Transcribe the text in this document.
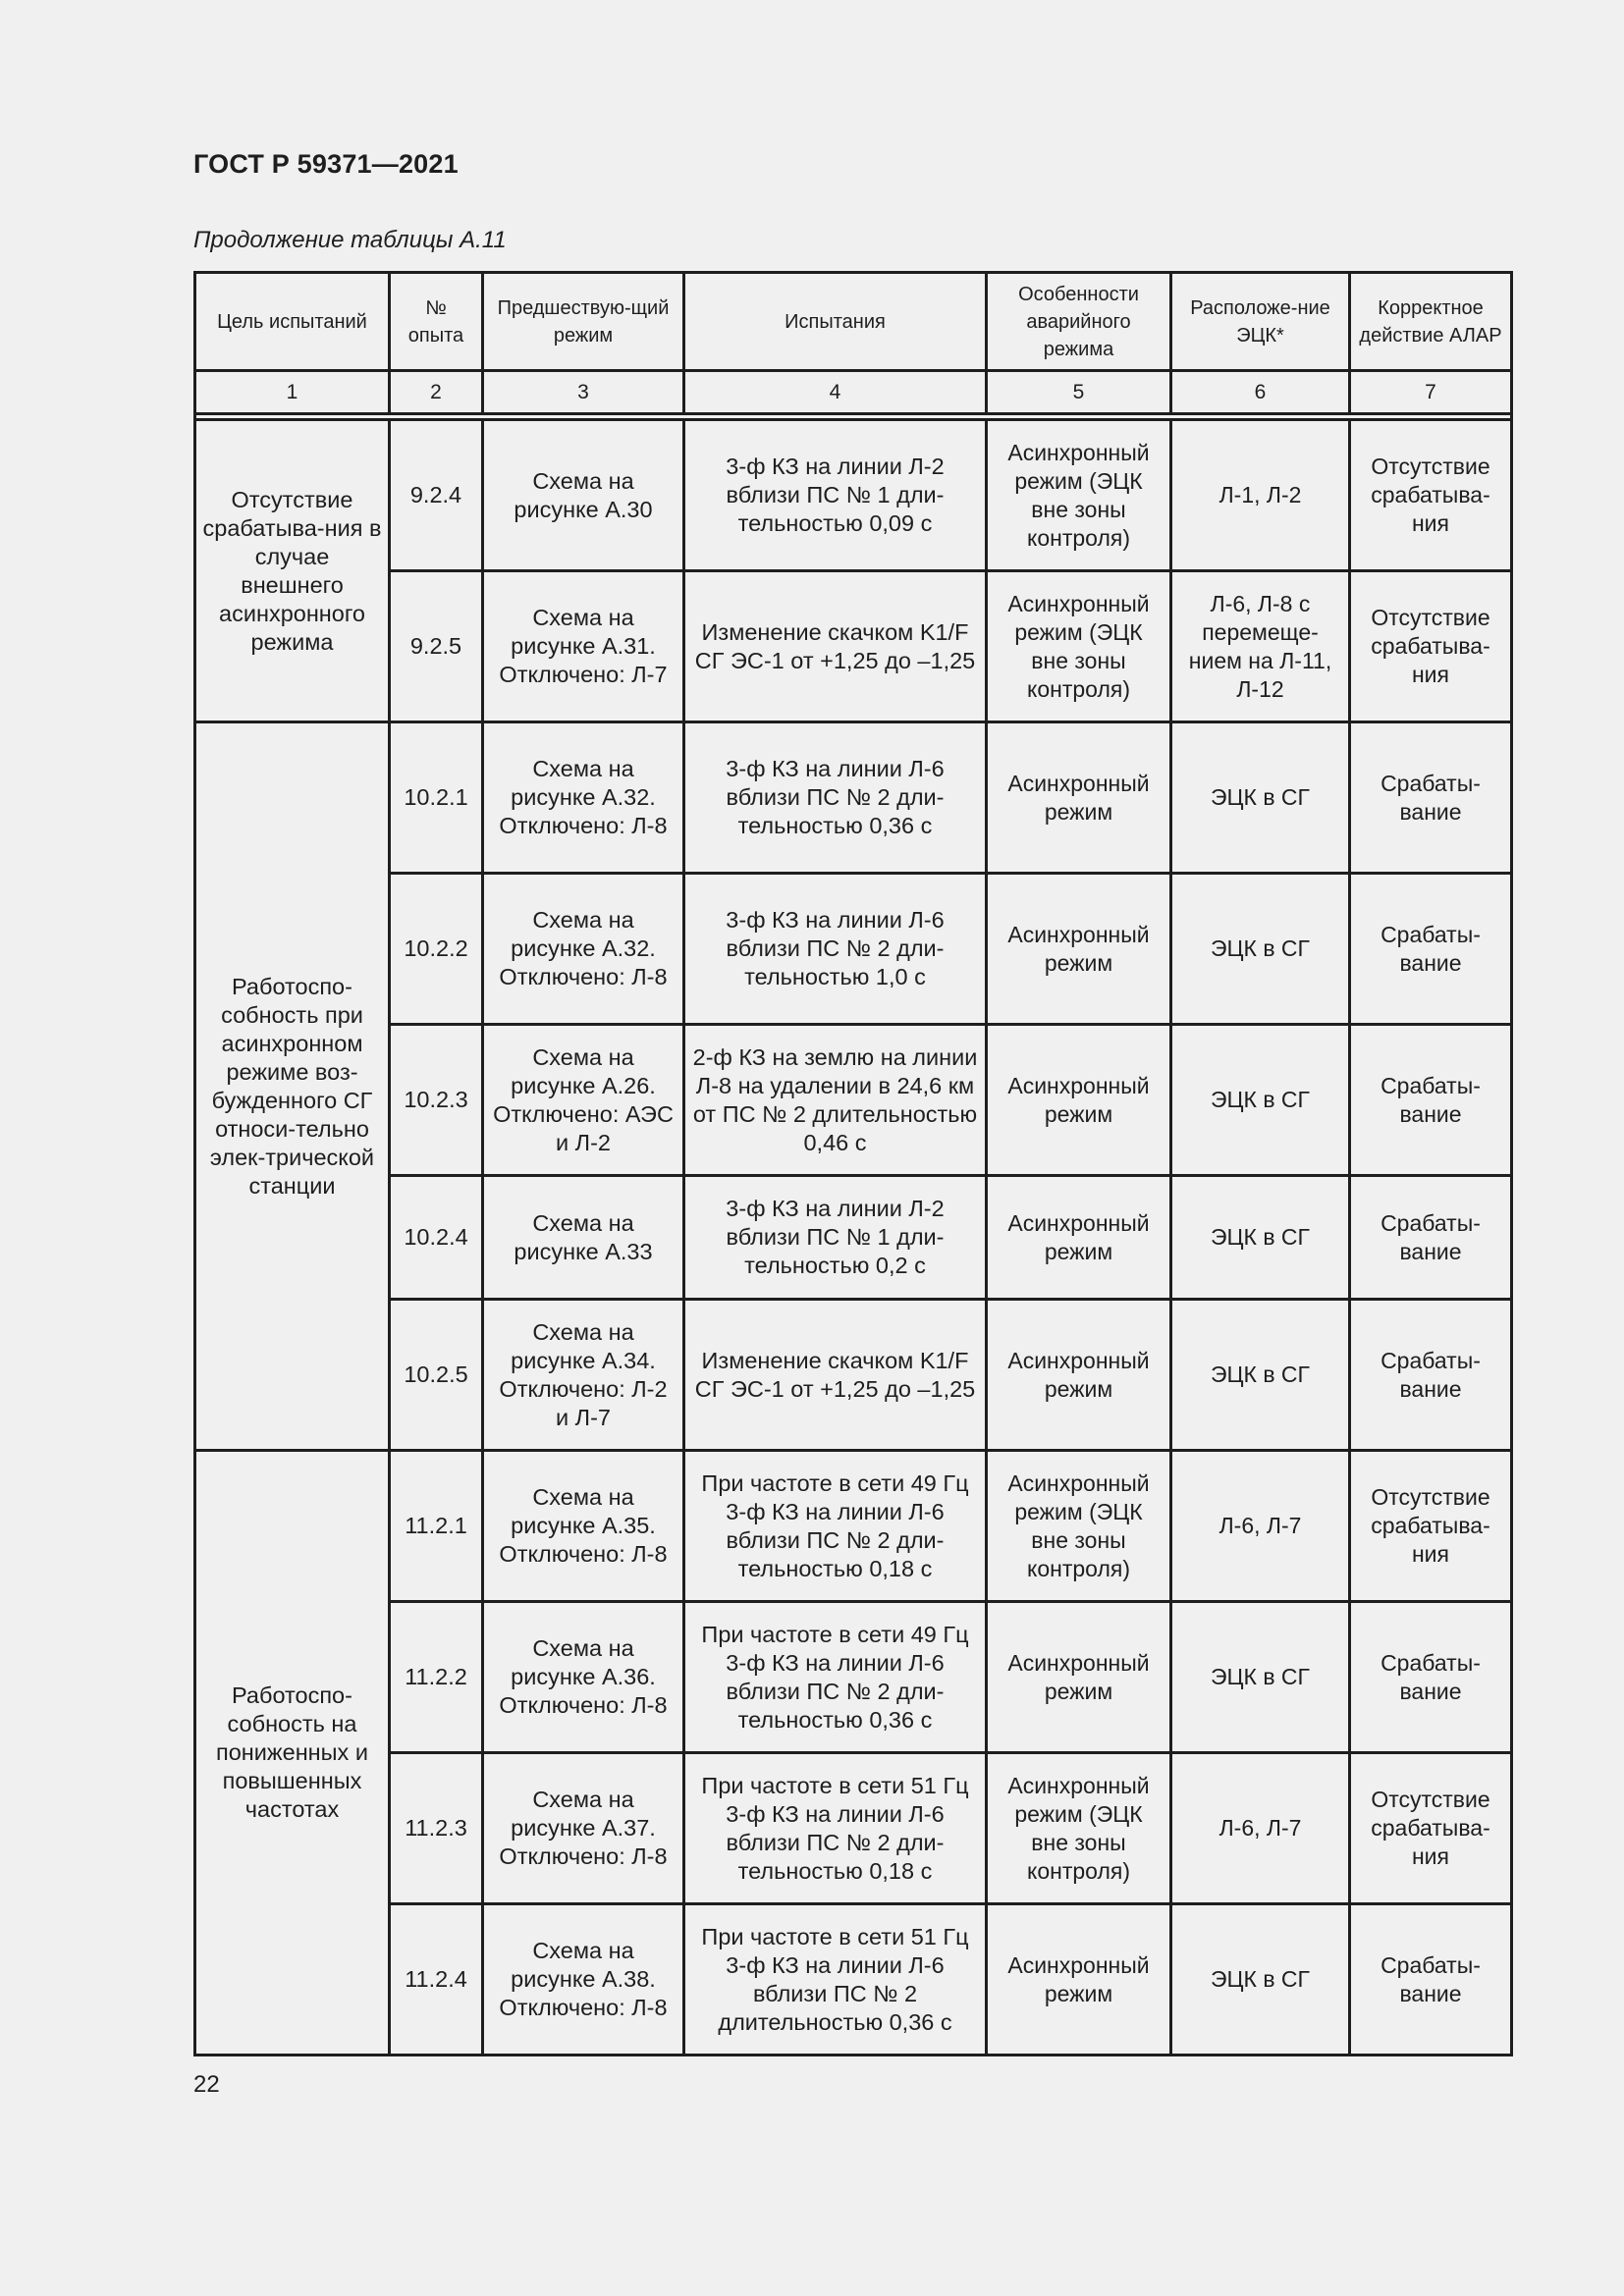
ГОСТ Р 59371—2021
Продолжение таблицы А.11
Цель испытаний	№ опыта	Предшествую-щий режим	Испытания	Особенности аварийного режима	Расположе-ние ЭЦК*	Корректное действие АЛАР
1	2	3	4	5	6	7

Отсутствие срабатыва-ния в случае внешнего асинхронного режима	9.2.4	Схема на рисунке А.30	3-ф КЗ на линии Л-2 вблизи ПС № 1 дли-тельностью 0,09 с	Асинхронный режим (ЭЦК вне зоны контроля)	Л-1, Л-2	Отсутствие срабатыва-ния
	9.2.5	Схема на рисунке А.31. Отключено: Л-7	Изменение скачком K1/F СГ ЭС-1 от +1,25 до –1,25	Асинхронный режим (ЭЦК вне зоны контроля)	Л-6, Л-8 с перемеще-нием на Л-11, Л-12	Отсутствие срабатыва-ния
Работоспо-собность при асинхронном режиме воз-бужденного СГ относи-тельно элек-трической станции	10.2.1	Схема на рисунке А.32. Отключено: Л-8	3-ф КЗ на линии Л-6 вблизи ПС № 2 дли-тельностью 0,36 с	Асинхронный режим	ЭЦК в СГ	Срабаты-вание
	10.2.2	Схема на рисунке А.32. Отключено: Л-8	3-ф КЗ на линии Л-6 вблизи ПС № 2 дли-тельностью 1,0 с	Асинхронный режим	ЭЦК в СГ	Срабаты-вание
	10.2.3	Схема на рисунке А.26. Отключено: АЭС и Л-2	2-ф КЗ на землю на линии Л-8 на удалении в 24,6 км от ПС № 2 длительностью 0,46 с	Асинхронный режим	ЭЦК в СГ	Срабаты-вание
	10.2.4	Схема на рисунке А.33	3-ф КЗ на линии Л-2 вблизи ПС № 1 дли-тельностью 0,2 с	Асинхронный режим	ЭЦК в СГ	Срабаты-вание
	10.2.5	Схема на рисунке А.34. Отключено: Л-2 и Л-7	Изменение скачком K1/F СГ ЭС-1 от +1,25 до –1,25	Асинхронный режим	ЭЦК в СГ	Срабаты-вание
Работоспо-собность на пониженных и повышенных частотах	11.2.1	Схема на рисунке А.35. Отключено: Л-8	При частоте в сети 49 Гц 3-ф КЗ на линии Л-6 вблизи ПС № 2 дли-тельностью 0,18 с	Асинхронный режим (ЭЦК вне зоны контроля)	Л-6, Л-7	Отсутствие срабатыва-ния
	11.2.2	Схема на рисунке А.36. Отключено: Л-8	При частоте в сети 49 Гц 3-ф КЗ на линии Л-6 вблизи ПС № 2 дли-тельностью 0,36 с	Асинхронный режим	ЭЦК в СГ	Срабаты-вание
	11.2.3	Схема на рисунке А.37. Отключено: Л-8	При частоте в сети 51 Гц 3-ф КЗ на линии Л-6 вблизи ПС № 2 дли-тельностью 0,18 с	Асинхронный режим (ЭЦК вне зоны контроля)	Л-6, Л-7	Отсутствие срабатыва-ния
	11.2.4	Схема на рисунке А.38. Отключено: Л-8	При частоте в сети 51 Гц 3-ф КЗ на линии Л-6 вблизи ПС № 2 длительностью 0,36 с	Асинхронный режим	ЭЦК в СГ	Срабаты-вание
22
